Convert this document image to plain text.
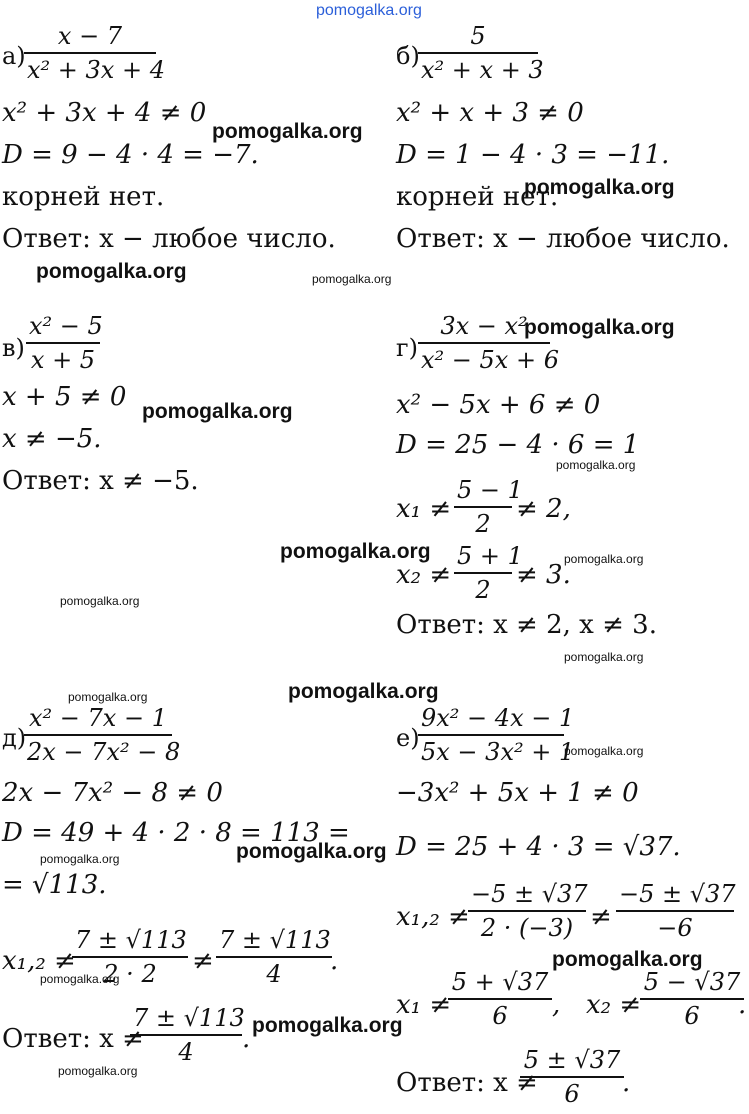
pomogalka.org
а)
x − 7
x² + 3x + 4
x² + 3x + 4 ≠ 0
D = 9 − 4 · 4 = −7.
корней нет.
Ответ: x − любое число.
б)
5
x² + x + 3
x² + x + 3 ≠ 0
D = 1 − 4 · 3 = −11.
корней нет.
Ответ: x − любое число.
в)
x² − 5
x + 5
x + 5 ≠ 0
x ≠ −5.
Ответ: x ≠ −5.
г)
3x − x²
x² − 5x + 6
x² − 5x + 6 ≠ 0
D = 25 − 4 · 6 = 1
x₁ ≠
5 − 1
2 ≠ 2,
x₂ ≠
5 + 1
2 ≠ 3.
Ответ: x ≠ 2, x ≠ 3.
д)
x² − 7x − 1
2x − 7x² − 8
2x − 7x² − 8 ≠ 0
D = 49 + 4 · 2 · 8 = 113 =
= √113.
x₁,₂ ≠
7 ± √113
2 · 2	≠
7 ± √113
4	.
Ответ: x ≠
7 ± √113
4	.
е)
9x² − 4x − 1
5x − 3x² + 1
−3x² + 5x + 1 ≠ 0
D = 25 + 4 · 3 = √37.
x₁,₂ ≠
−5 ± √37
2 · (−3) ≠
−5 ± √37
−6
x₁ ≠
5 + √37
6	, x₂ ≠
5 − √37
6	.
Ответ: x ≠
5 ± √37
6	.
pomogalka.org
pomogalka.org
pomogalka.org	pomogalka.org
pomogalka.org
pomogalka.org
pomogalka.org
pomogalka.org	pomogalka.org
pomogalka.org
pomogalka.org
pomogalka.org
pomogalka.org
pomogalka.org
pomogalka.org
pomogalka.org
pomogalka.org
pomogalka.org
pomogalka.org
pomogalka.org
